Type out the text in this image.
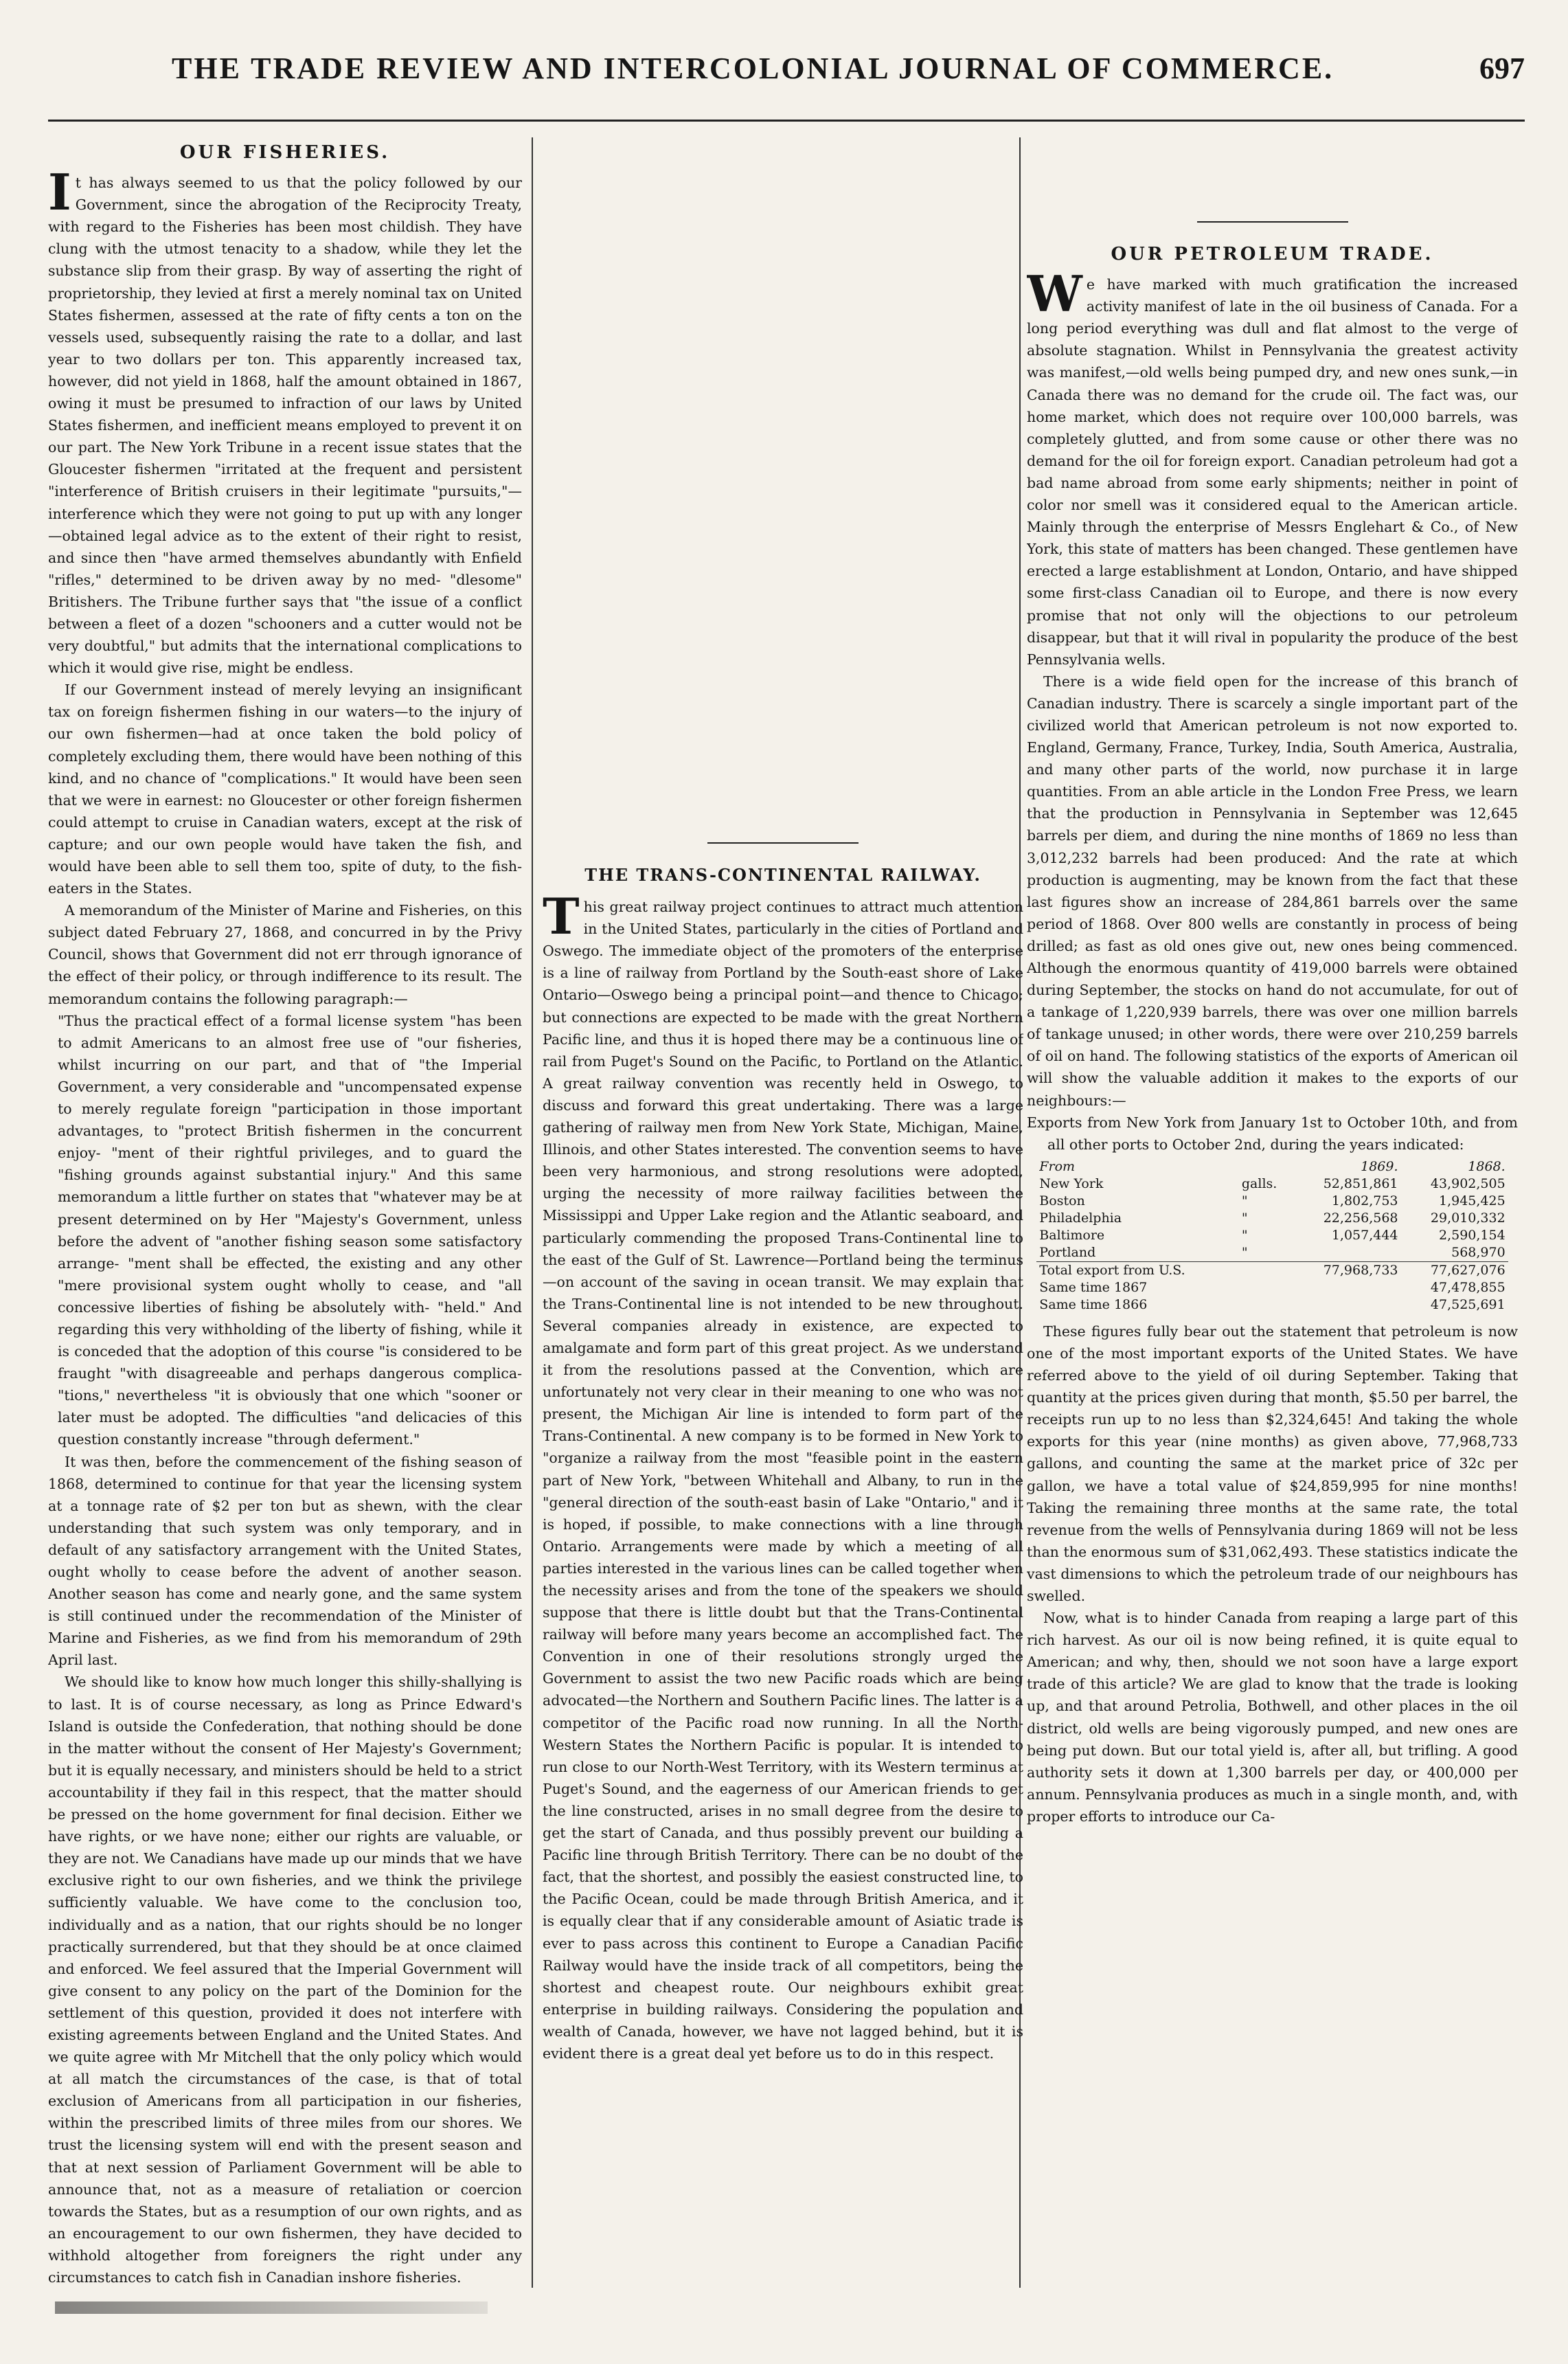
THE TRADE REVIEW AND INTERCOLONIAL JOURNAL OF COMMERCE.	697
OUR FISHERIES.

It has always seemed to us that the policy followed by our Government, since the abrogation of the Reciprocity Treaty, with regard to the Fisheries has been most childish. They have clung with the utmost tenacity to a shadow, while they let the substance slip from their grasp. By way of asserting the right of proprietorship, they levied at first a merely nominal tax on United States fishermen, assessed at the rate of fifty cents a ton on the vessels used, subsequently raising the rate to a dollar, and last year to two dollars per ton. This apparently increased tax, however, did not yield in 1868, half the amount obtained in 1867, owing it must be presumed to infraction of our laws by United States fishermen, and inefficient means employed to prevent it on our part. The New York Tribune in a recent issue states that the Gloucester fishermen "irritated at the frequent and persistent "interference of British cruisers in their legitimate "pursuits,"—interference which they were not going to put up with any longer—obtained legal advice as to the extent of their right to resist, and since then "have armed themselves abundantly with Enfield "rifles," determined to be driven away by no med- "dlesome" Britishers. The Tribune further says that "the issue of a conflict between a fleet of a dozen "schooners and a cutter would not be very doubtful," but admits that the international complications to which it would give rise, might be endless.

If our Government instead of merely levying an insignificant tax on foreign fishermen fishing in our waters—to the injury of our own fishermen—had at once taken the bold policy of completely excluding them, there would have been nothing of this kind, and no chance of "complications." It would have been seen that we were in earnest: no Gloucester or other foreign fishermen could attempt to cruise in Canadian waters, except at the risk of capture; and our own people would have taken the fish, and would have been able to sell them too, spite of duty, to the fish-eaters in the States.

A memorandum of the Minister of Marine and Fisheries, on this subject dated February 27, 1868, and concurred in by the Privy Council, shows that Government did not err through ignorance of the effect of their policy, or through indifference to its result. The memorandum contains the following paragraph:—

"Thus the practical effect of a formal license system "has been to admit Americans to an almost free use of "our fisheries, whilst incurring on our part, and that of "the Imperial Government, a very considerable and "uncompensated expense to merely regulate foreign "participation in those important advantages, to "protect British fishermen in the concurrent enjoy- "ment of their rightful privileges, and to guard the "fishing grounds against substantial injury." And this same memorandum a little further on states that "whatever may be at present determined on by Her "Majesty's Government, unless before the advent of "another fishing season some satisfactory arrange- "ment shall be effected, the existing and any other "mere provisional system ought wholly to cease, and "all concessive liberties of fishing be absolutely with- "held." And regarding this very withholding of the liberty of fishing, while it is conceded that the adoption of this course "is considered to be fraught "with disagreeable and perhaps dangerous complica- "tions," nevertheless "it is obviously that one which "sooner or later must be adopted. The difficulties "and delicacies of this question constantly increase "through deferment."

It was then, before the commencement of the fishing season of 1868, determined to continue for that year the licensing system at a tonnage rate of $2 per ton but as shewn, with the clear understanding that such system was only temporary, and in default of any satisfactory arrangement with the United States, ought wholly to cease before the advent of another season. Another season has come and nearly gone, and the same system is still continued under the recommendation of the Minister of Marine and Fisheries, as we find from his memorandum of 29th April last.

We should like to know how much longer this shilly-shallying is to last. It is of course necessary, as long as Prince Edward's Island is outside the Confederation, that nothing should be done in the matter without the consent of Her Majesty's Government; but it is equally necessary, and ministers should be held to a strict accountability if they fail in this respect, that the matter should be pressed on the home government for final decision. Either we have rights, or we have none; either our rights are valuable, or they are not. We Canadians have made up our minds that we have exclusive right to our own fisheries, and we think the privilege sufficiently valuable. We have come to the conclusion too, individually and as a nation, that our rights should be no longer practically surrendered, but that they should be at once claimed and enforced. We feel assured that the Imperial Government will give consent to any policy on the part of the Dominion for the settlement of this question, provided it does not interfere with existing agreements between England and the United States. And we quite agree with Mr Mitchell that the only policy which would at all match the circumstances of the case, is that of total exclusion of Americans from all participation in our fisheries, within the prescribed limits of three miles from our shores. We trust the licensing system will end with the present season and that at next session of Parliament Government will be able to announce that, not as a measure of retaliation or coercion towards the States, but as a resumption of our own rights, and as an encouragement to our own fishermen, they have decided to withhold altogether from foreigners the right under any circumstances to catch fish in Canadian inshore fisheries.

THE TRANS-CONTINENTAL RAILWAY.

This great railway project continues to attract much attention in the United States, particularly in the cities of Portland and Oswego. The immediate object of the promoters of the enterprise is a line of railway from Portland by the South-east shore of Lake Ontario—Oswego being a principal point—and thence to Chicago; but connections are expected to be made with the great Northern Pacific line, and thus it is hoped there may be a continuous line of rail from Puget's Sound on the Pacific, to Portland on the Atlantic. A great railway convention was recently held in Oswego, to discuss and forward this great undertaking. There was a large gathering of railway men from New York State, Michigan, Maine, Illinois, and other States interested. The convention seems to have been very harmonious, and strong resolutions were adopted, urging the necessity of more railway facilities between the Mississippi and Upper Lake region and the Atlantic seaboard, and particularly commending the proposed Trans-Continental line to the east of the Gulf of St. Lawrence—Portland being the terminus—on account of the saving in ocean transit. We may explain that the Trans-Continental line is not intended to be new throughout. Several companies already in existence, are expected to amalgamate and form part of this great project. As we understand it from the resolutions passed at the Convention, which are unfortunately not very clear in their meaning to one who was not present, the Michigan Air line is intended to form part of the Trans-Continental. A new company is to be formed in New York to "organize a railway from the most "feasible point in the eastern part of New York, "between Whitehall and Albany, to run in the "general direction of the south-east basin of Lake "Ontario," and it is hoped, if possible, to make connections with a line through Ontario. Arrangements were made by which a meeting of all parties interested in the various lines can be called together when the necessity arises and from the tone of the speakers we should suppose that there is little doubt but that the Trans-Continental railway will before many years become an accomplished fact. The Convention in one of their resolutions strongly urged the Government to assist the two new Pacific roads which are being advocated—the Northern and Southern Pacific lines. The latter is a competitor of the Pacific road now running. In all the North-Western States the Northern Pacific is popular. It is intended to run close to our North-West Territory, with its Western terminus at Puget's Sound, and the eagerness of our American friends to get the line constructed, arises in no small degree from the desire to get the start of Canada, and thus possibly prevent our building a Pacific line through British Territory. There can be no doubt of the fact, that the shortest, and possibly the easiest constructed line, to the Pacific Ocean, could be made through British America, and it is equally clear that if any considerable amount of Asiatic trade is ever to pass across this continent to Europe a Canadian Pacific Railway would have the inside track of all competitors, being the shortest and cheapest route. Our neighbours exhibit great enterprise in building railways. Considering the population and wealth of Canada, however, we have not lagged behind, but it is evident there is a great deal yet before us to do in this respect.

OUR PETROLEUM TRADE.

We have marked with much gratification the increased activity manifest of late in the oil business of Canada. For a long period everything was dull and flat almost to the verge of absolute stagnation. Whilst in Pennsylvania the greatest activity was manifest,—old wells being pumped dry, and new ones sunk,—in Canada there was no demand for the crude oil. The fact was, our home market, which does not require over 100,000 barrels, was completely glutted, and from some cause or other there was no demand for the oil for foreign export. Canadian petroleum had got a bad name abroad from some early shipments; neither in point of color nor smell was it considered equal to the American article. Mainly through the enterprise of Messrs Englehart & Co., of New York, this state of matters has been changed. These gentlemen have erected a large establishment at London, Ontario, and have shipped some first-class Canadian oil to Europe, and there is now every promise that not only will the objections to our petroleum disappear, but that it will rival in popularity the produce of the best Pennsylvania wells.

There is a wide field open for the increase of this branch of Canadian industry. There is scarcely a single important part of the civilized world that American petroleum is not now exported to. England, Germany, France, Turkey, India, South America, Australia, and many other parts of the world, now purchase it in large quantities. From an able article in the London Free Press, we learn that the production in Pennsylvania in September was 12,645 barrels per diem, and during the nine months of 1869 no less than 3,012,232 barrels had been produced: And the rate at which production is augmenting, may be known from the fact that these last figures show an increase of 284,861 barrels over the same period of 1868. Over 800 wells are constantly in process of being drilled; as fast as old ones give out, new ones being commenced. Although the enormous quantity of 419,000 barrels were obtained during September, the stocks on hand do not accumulate, for out of a tankage of 1,220,939 barrels, there was over one million barrels of tankage unused; in other words, there were over 210,259 barrels of oil on hand. The following statistics of the exports of American oil will show the valuable addition it makes to the exports of our neighbours:—

Exports from New York from January 1st to October 10th, and from all other ports to October 2nd, during the years indicated:

From		1869.	1868.
New York	galls.	52,851,861	43,902,505
Boston	"	1,802,753	1,945,425
Philadelphia	"	22,256,568	29,010,332
Baltimore	"	1,057,444	2,590,154
Portland	"		568,970
Total export from U.S.		77,968,733	77,627,076
Same time 1867			47,478,855
Same time 1866			47,525,691

These figures fully bear out the statement that petroleum is now one of the most important exports of the United States. We have referred above to the yield of oil during September. Taking that quantity at the prices given during that month, $5.50 per barrel, the receipts run up to no less than $2,324,645! And taking the whole exports for this year (nine months) as given above, 77,968,733 gallons, and counting the same at the market price of 32c per gallon, we have a total value of $24,859,995 for nine months! Taking the remaining three months at the same rate, the total revenue from the wells of Pennsylvania during 1869 will not be less than the enormous sum of $31,062,493. These statistics indicate the vast dimensions to which the petroleum trade of our neighbours has swelled.

Now, what is to hinder Canada from reaping a large part of this rich harvest. As our oil is now being refined, it is quite equal to American; and why, then, should we not soon have a large export trade of this article? We are glad to know that the trade is looking up, and that around Petrolia, Bothwell, and other places in the oil district, old wells are being vigorously pumped, and new ones are being put down. But our total yield is, after all, but trifling. A good authority sets it down at 1,300 barrels per day, or 400,000 per annum. Pennsylvania produces as much in a single month, and, with proper efforts to introduce our Ca-
